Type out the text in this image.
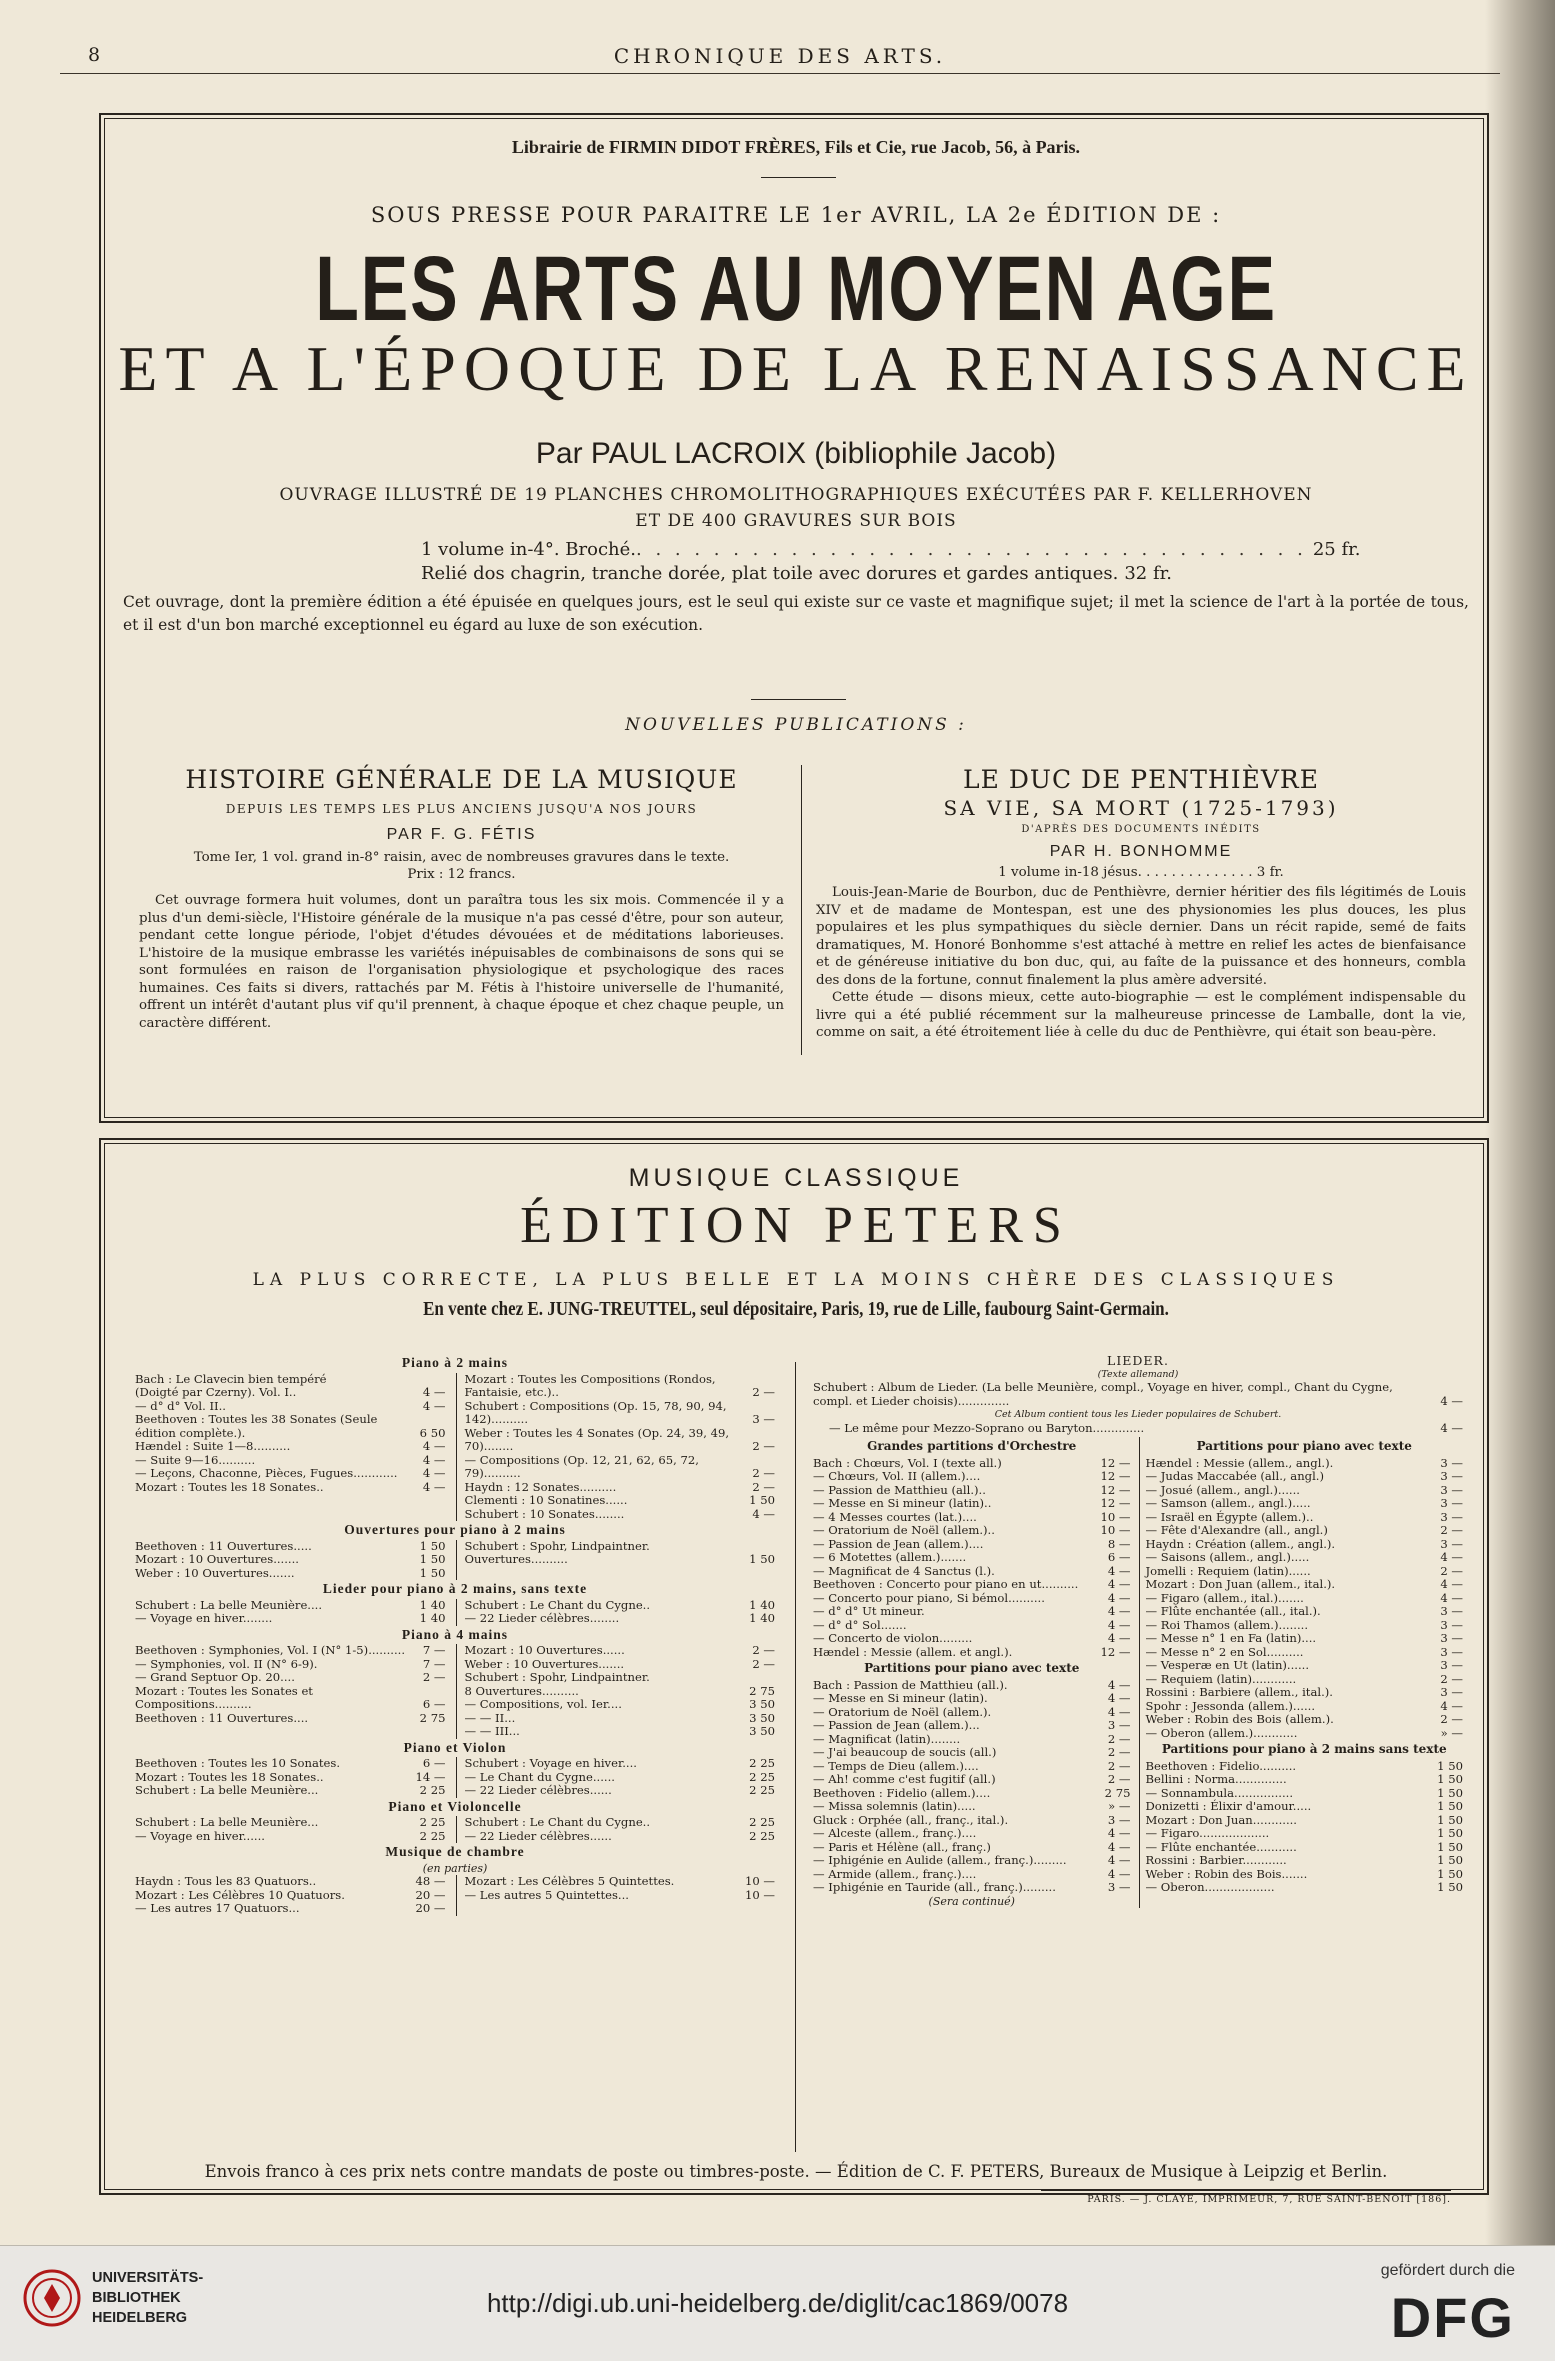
8	CHRONIQUE DES ARTS.
Librairie de FIRMIN DIDOT FRÈRES, Fils et Cie, rue Jacob, 56, à Paris.
SOUS PRESSE POUR PARAITRE LE 1er AVRIL, LA 2e ÉDITION DE :
LES ARTS AU MOYEN AGE
ET A L'ÉPOQUE DE LA RENAISSANCE
Par PAUL LACROIX (bibliophile Jacob)
OUVRAGE ILLUSTRÉ DE 19 PLANCHES CHROMOLITHOGRAPHIQUES EXÉCUTÉES PAR F. KELLERHOVEN
ET DE 400 GRAVURES SUR BOIS
1 volume in-4°. Broché. . . . . . . . . . . . . . . . . . . . . . . . . . . . . . . . . . . . 25 fr.
Relié dos chagrin, tranche dorée, plat toile avec dorures et gardes antiques. 32 fr.
Cet ouvrage, dont la première édition a été épuisée en quelques jours, est le seul qui existe sur ce vaste et magnifique sujet; il met la science de l'art à la portée de tous, et il est d'un bon marché exceptionnel eu égard au luxe de son exécution.
NOUVELLES PUBLICATIONS :
HISTOIRE GÉNÉRALE DE LA MUSIQUE
DEPUIS LES TEMPS LES PLUS ANCIENS JUSQU'A NOS JOURS
PAR F. G. FÉTIS
Tome Ier, 1 vol. grand in-8° raisin, avec de nombreuses gravures dans le texte.
Prix : 12 francs.

Cet ouvrage formera huit volumes, dont un paraîtra tous les six mois. Commencée il y a plus d'un demi-siècle, l'Histoire générale de la musique n'a pas cessé d'être, pour son auteur, pendant cette longue période, l'objet d'études dévouées et de méditations laborieuses. L'histoire de la musique embrasse les variétés inépuisables de combinaisons de sons qui se sont formulées en raison de l'organisation physiologique et psychologique des races humaines. Ces faits si divers, rattachés par M. Fétis à l'histoire universelle de l'humanité, offrent un intérêt d'autant plus vif qu'il prennent, à chaque époque et chez chaque peuple, un caractère différent.

LE DUC DE PENTHIÈVRE
SA VIE, SA MORT (1725-1793)
D'APRÈS DES DOCUMENTS INÉDITS
PAR H. BONHOMME
1 volume in-18 jésus. . . . . . . . . . . . . . 3 fr.

Louis-Jean-Marie de Bourbon, duc de Penthièvre, dernier héritier des fils légitimés de Louis XIV et de madame de Montespan, est une des physionomies les plus douces, les plus populaires et les plus sympathiques du siècle dernier. Dans un récit rapide, semé de faits dramatiques, M. Honoré Bonhomme s'est attaché à mettre en relief les actes de bienfaisance et de généreuse initiative du bon duc, qui, au faîte de la puissance et des honneurs, combla des dons de la fortune, connut finalement la plus amère adversité.

Cette étude — disons mieux, cette auto-biographie — est le complément indispensable du livre qui a été publié récemment sur la malheureuse princesse de Lamballe, dont la vie, comme on sait, a été étroitement liée à celle du duc de Penthièvre, qui était son beau-père.

MUSIQUE CLASSIQUE
ÉDITION PETERS
LA PLUS CORRECTE, LA PLUS BELLE ET LA MOINS CHÈRE DES CLASSIQUES
En vente chez E. JUNG-TREUTTEL, seul dépositaire, Paris, 19, rue de Lille, faubourg Saint-Germain.
Piano à 2 mains
Bach : Le Clavecin bien tempéré
(Doigté par Czerny). Vol. I..	4 —
— d° d° Vol. II..	4 —
Beethoven : Toutes les 38 Sonates (Seule édition complète.).	6 50
Hændel : Suite 1—8..........	4 —
— Suite 9—16..........	4 —
— Leçons, Chaconne, Pièces, Fugues............	4 —
Mozart : Toutes les 18 Sonates..	4 —
Mozart : Toutes les Compositions (Rondos, Fantaisie, etc.)..	2 —
Schubert : Compositions (Op. 15, 78, 90, 94, 142)..........	3 —
Weber : Toutes les 4 Sonates (Op. 24, 39, 49, 70)........	2 —
— Compositions (Op. 12, 21, 62, 65, 72, 79)..........	2 —
Haydn : 12 Sonates..........	2 —
Clementi : 10 Sonatines......	1 50
Schubert : 10 Sonates........	4 —
Ouvertures pour piano à 2 mains
Beethoven : 11 Ouvertures.....	1 50
Mozart : 10 Ouvertures.......	1 50
Weber : 10 Ouvertures.......	1 50
Schubert : Spohr, Lindpaintner. Ouvertures..........	1 50
Lieder pour piano à 2 mains, sans texte
Schubert : La belle Meunière....	1 40
— Voyage en hiver........	1 40
Schubert : Le Chant du Cygne..	1 40
— 22 Lieder célèbres........	1 40
Piano à 4 mains
Beethoven : Symphonies, Vol. I (N° 1-5)..........	7 —
— Symphonies, vol. II (N° 6-9).	7 —
— Grand Septuor Op. 20....	2 —
Mozart : Toutes les Sonates et Compositions..........	6 —
Beethoven : 11 Ouvertures....	2 75
Mozart : 10 Ouvertures......	2 —
Weber : 10 Ouvertures.......	2 —
Schubert : Spohr, Lindpaintner.
8 Ouvertures..........	2 75
— Compositions, vol. Ier....	3 50
— — II...	3 50
— — III...	3 50
Piano et Violon
Beethoven : Toutes les 10 Sonates.	6 —
Mozart : Toutes les 18 Sonates..	14 —
Schubert : La belle Meunière...	2 25
Schubert : Voyage en hiver....	2 25
— Le Chant du Cygne......	2 25
— 22 Lieder célèbres......	2 25
Piano et Violoncelle
Schubert : La belle Meunière...	2 25
— Voyage en hiver......	2 25
Schubert : Le Chant du Cygne..	2 25
— 22 Lieder célèbres......	2 25
Musique de chambre
(en parties)
Haydn : Tous les 83 Quatuors..	48 —
Mozart : Les Célèbres 10 Quatuors.	20 —
— Les autres 17 Quatuors...	20 —
Mozart : Les Célèbres 5 Quintettes.	10 —
— Les autres 5 Quintettes...	10 —
LIEDER.
(Texte allemand)
Schubert : Album de Lieder. (La belle Meunière, compl., Voyage en hiver, compl., Chant du Cygne, compl. et Lieder choisis)..............	4 —
Cet Album contient tous les Lieder populaires de Schubert.
— Le même pour Mezzo-Soprano ou Baryton..............	4 —
Grandes partitions d'Orchestre
Bach : Chœurs, Vol. I (texte all.)	12 —
— Chœurs, Vol. II (allem.)....	12 —
— Passion de Matthieu (all.)..	12 —
— Messe en Si mineur (latin)..	12 —
— 4 Messes courtes (lat.)....	10 —
— Oratorium de Noël (allem.)..	10 —
— Passion de Jean (allem.)....	8 —
— 6 Motettes (allem.).......	6 —
— Magnificat de 4 Sanctus (l.).	4 —
Beethoven : Concerto pour piano en ut..........	4 —
— Concerto pour piano, Si bémol..........	4 —
— d° d° Ut mineur.	4 —
— d° d° Sol.......	4 —
— Concerto de violon.........	4 —
Hændel : Messie (allem. et angl.).	12 —
Partitions pour piano avec texte
Bach : Passion de Matthieu (all.).	4 —
— Messe en Si mineur (latin).	4 —
— Oratorium de Noël (allem.).	4 —
— Passion de Jean (allem.)...	3 —
— Magnificat (latin)........	2 —
— J'ai beaucoup de soucis (all.)	2 —
— Temps de Dieu (allem.)....	2 —
— Ah! comme c'est fugitif (all.)	2 —
Beethoven : Fidelio (allem.)....	2 75
— Missa solemnis (latin).....	» —
Gluck : Orphée (all., franç., ital.).	3 —
— Alceste (allem., franç.)....	4 —
— Paris et Hélène (all., franç.)	4 —
— Iphigénie en Aulide (allem., franç.).........	4 —
— Armide (allem., franç.)....	4 —
— Iphigénie en Tauride (all., franç.).........	3 —
(Sera continué)
Partitions pour piano avec texte
Hændel : Messie (allem., angl.).	3 —
— Judas Maccabée (all., angl.)	3 —
— Josué (allem., angl.)......	3 —
— Samson (allem., angl.).....	3 —
— Israël en Égypte (allem.)..	3 —
— Fête d'Alexandre (all., angl.)	2 —
Haydn : Création (allem., angl.).	3 —
— Saisons (allem., angl.).....	4 —
Jomelli : Requiem (latin)......	2 —
Mozart : Don Juan (allem., ital.).	4 —
— Figaro (allem., ital.).......	4 —
— Flûte enchantée (all., ital.).	3 —
— Roi Thamos (allem.)........	3 —
— Messe n° 1 en Fa (latin)....	3 —
— Messe n° 2 en Sol..........	3 —
— Vesperæ en Ut (latin)......	3 —
— Requiem (latin)............	2 —
Rossini : Barbiere (allem., ital.).	3 —
Spohr : Jessonda (allem.)......	4 —
Weber : Robin des Bois (allem.).	2 —
— Oberon (allem.)............	» —
Partitions pour piano à 2 mains sans texte
Beethoven : Fidelio..........	1 50
Bellini : Norma..............	1 50
— Sonnambula................	1 50
Donizetti : Élixir d'amour.....	1 50
Mozart : Don Juan............	1 50
— Figaro...................	1 50
— Flûte enchantée...........	1 50
Rossini : Barbier............	1 50
Weber : Robin des Bois.......	1 50
— Oberon...................	1 50
Envois franco à ces prix nets contre mandats de poste ou timbres-poste. — Édition de C. F. PETERS, Bureaux de Musique à Leipzig et Berlin.
PARIS. — J. CLAYE, IMPRIMEUR, 7, RUE SAINT-BENOIT [186].
UNIVERSITÄTS-
BIBLIOTHEK
HEIDELBERG	http://digi.ub.uni-heidelberg.de/diglit/cac1869/0078
gefördert durch die
DFG
